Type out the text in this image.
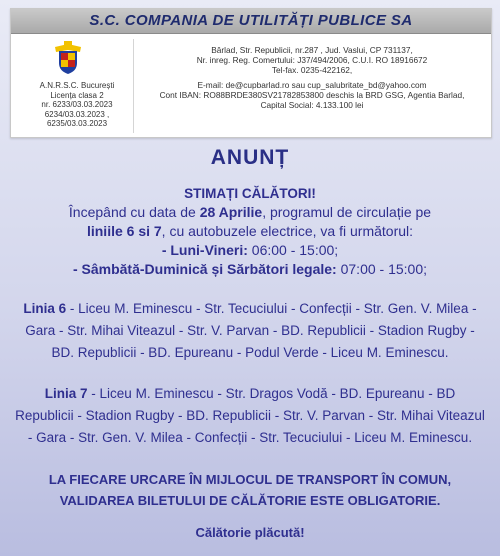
S.C. COMPANIA DE UTILITĂȚI PUBLICE SA
A.N.R.S.C. București
Licența clasa 2
nr. 6233/03.03.2023
6234/03.03.2023 ,
6235/03.03.2023
Bârlad, Str. Republicii, nr.287 , Jud. Vaslui, CP 731137,
Nr. inreg. Reg. Comertului: J37/494/2006, C.U.I. RO 18916672
Tel-fax. 0235-422162,
E-mail: de@cupbarlad.ro sau cup_salubritate_bd@yahoo.com
Cont IBAN: RO88BRDE380SV21782853800 deschis la BRD GSG, Agentia Barlad,
Capital Social: 4.133.100 lei
ANUNȚ
STIMAȚI CĂLĂTORI!
Începând cu data de 28 Aprilie, programul de circulație pe
liniile 6 si 7, cu autobuzele electrice, va fi următorul:
- Luni-Vineri: 06:00 - 15:00;
- Sâmbătă-Duminică și Sărbători legale: 07:00 - 15:00;
Linia 6 - Liceu M. Eminescu - Str. Tecuciului - Confecții - Str. Gen. V. Milea - Gara - Str. Mihai Viteazul - Str. V. Parvan - BD. Republicii - Stadion Rugby - BD. Republicii - BD. Epureanu - Podul Verde - Liceu M. Eminescu.
Linia 7 - Liceu M. Eminescu - Str. Dragos Vodă - BD. Epureanu - BD Republicii - Stadion Rugby - BD. Republicii - Str. V. Parvan - Str. Mihai Viteazul - Gara - Str. Gen. V. Milea - Confecții - Str. Tecuciului - Liceu M. Eminescu.
LA FIECARE URCARE ÎN MIJLOCUL DE TRANSPORT ÎN COMUN,
VALIDAREA BILETULUI DE CĂLĂTORIE ESTE OBLIGATORIE.
Călătorie plăcută!
